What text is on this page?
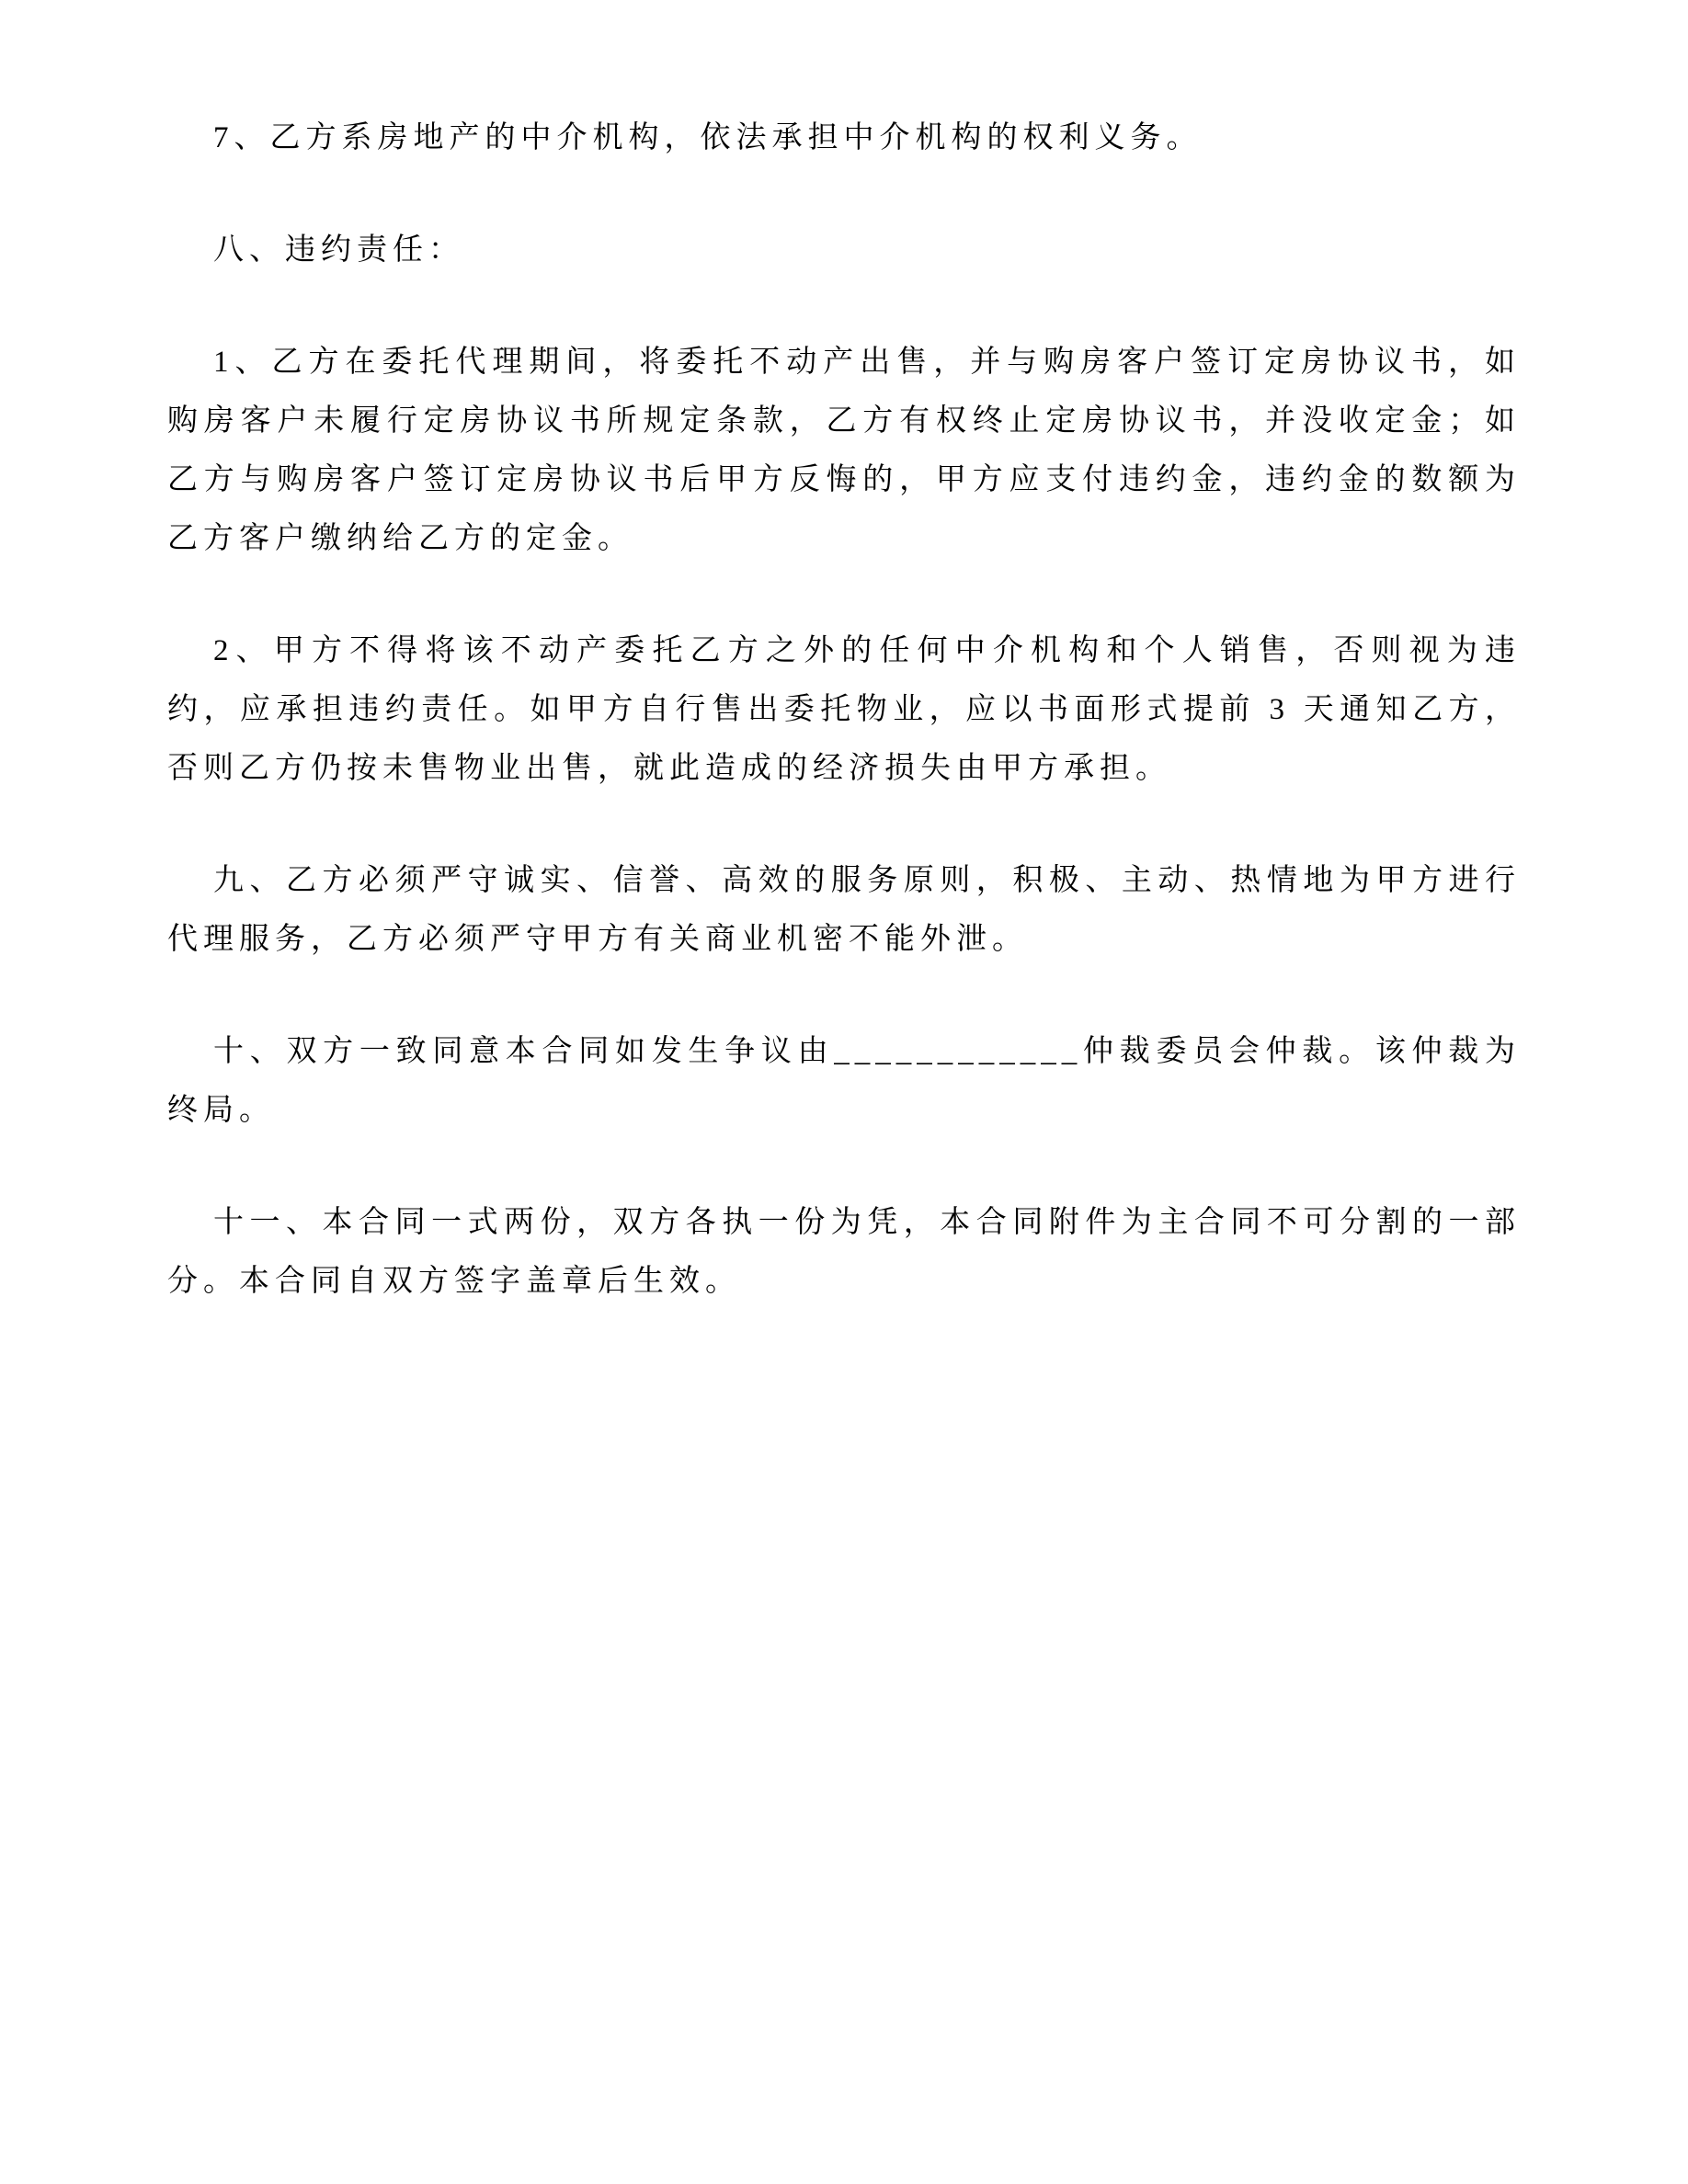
7、乙方系房地产的中介机构，依法承担中介机构的权利义务。

八、违约责任：

1、乙方在委托代理期间，将委托不动产出售，并与购房客户签订定房协议书，如购房客户未履行定房协议书所规定条款，乙方有权终止定房协议书，并没收定金；如乙方与购房客户签订定房协议书后甲方反悔的，甲方应支付违约金，违约金的数额为乙方客户缴纳给乙方的定金。

2、甲方不得将该不动产委托乙方之外的任何中介机构和个人销售，否则视为违约，应承担违约责任。如甲方自行售出委托物业，应以书面形式提前 3 天通知乙方，否则乙方仍按未售物业出售，就此造成的经济损失由甲方承担。

九、乙方必须严守诚实、信誉、高效的服务原则，积极、主动、热情地为甲方进行代理服务，乙方必须严守甲方有关商业机密不能外泄。

十、双方一致同意本合同如发生争议由____________仲裁委员会仲裁。该仲裁为终局。

十一、本合同一式两份，双方各执一份为凭，本合同附件为主合同不可分割的一部分。本合同自双方签字盖章后生效。
